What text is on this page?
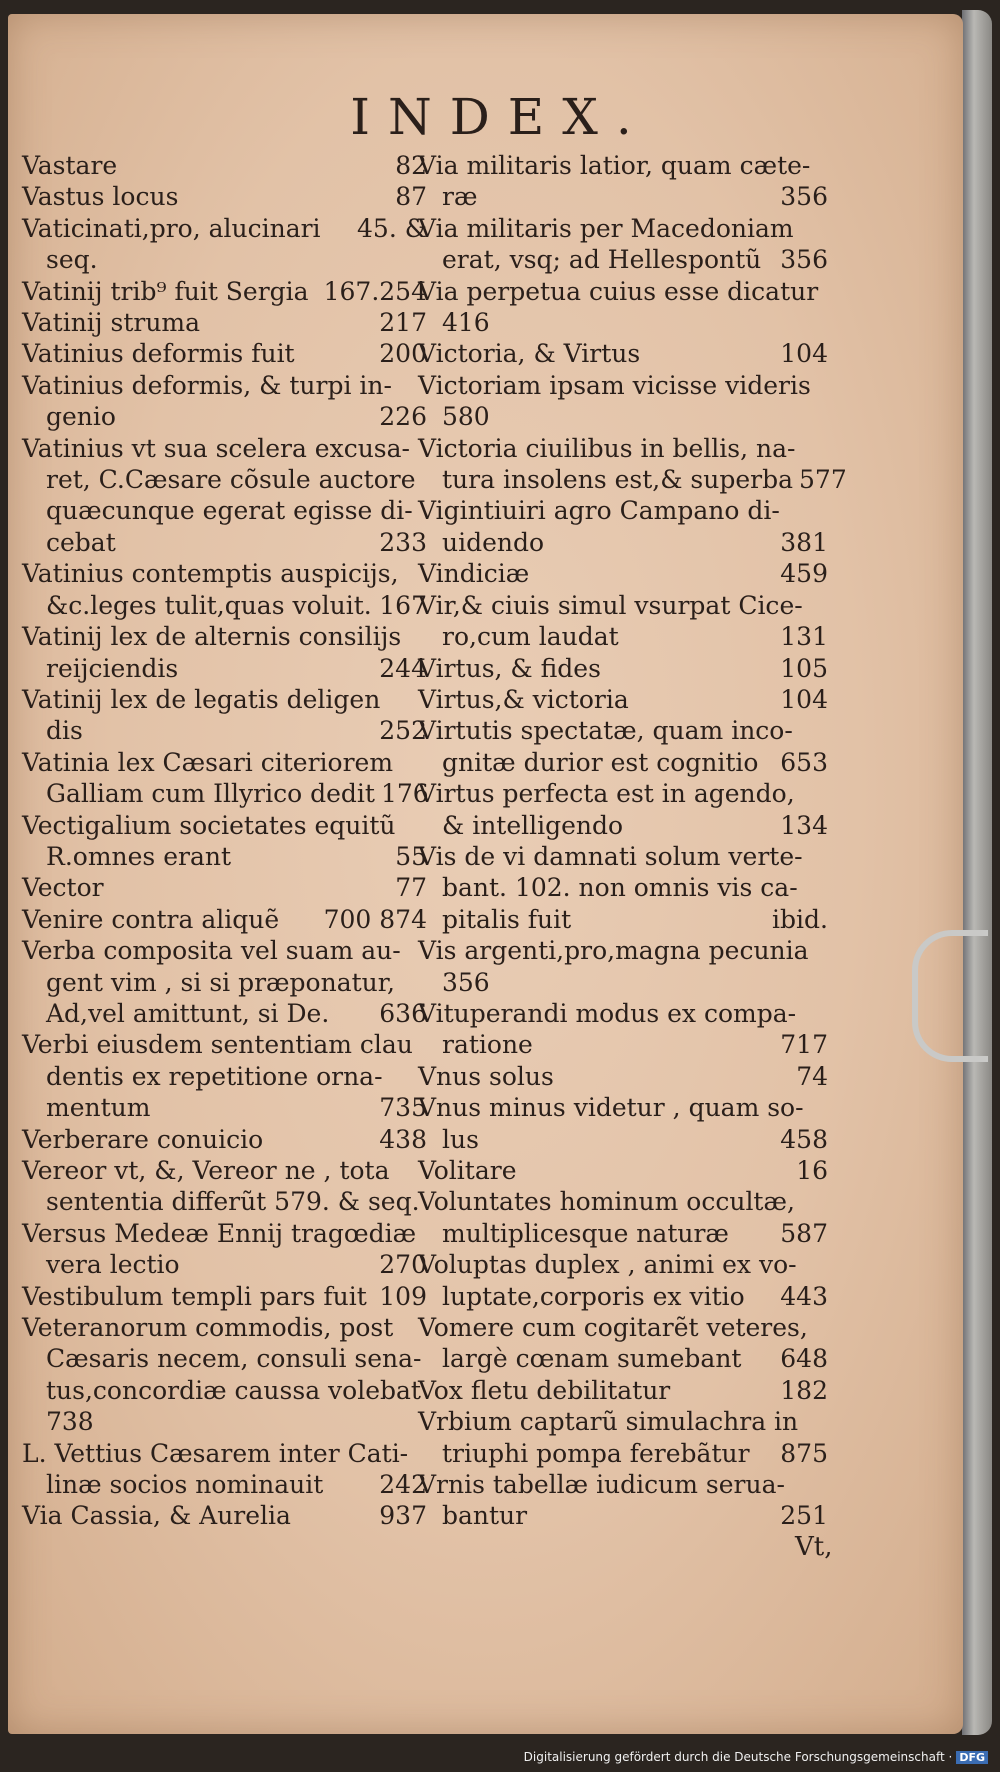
INDEX.
Vastare	82
Vastus locus	87
Vaticinati,pro, alucinari 45. &
seq.
Vatinij trib⁹ fuit Sergia 167.254
Vatinij struma	217
Vatinius deformis fuit	200
Vatinius deformis, & turpi in-
genio	226
Vatinius vt sua scelera excusa-
ret, C.Cæsare cõsule auctore
quæcunque egerat egisse di-
cebat	233
Vatinius contemptis auspicijs,
&c.leges tulit,quas voluit. 167
Vatinij lex de alternis consilijs
reijciendis	244
Vatinij lex de legatis deligen
dis	252
Vatinia lex Cæsari citeriorem
Galliam cum Illyrico dedit 176
Vectigalium societates equitũ
R.omnes erant	55
Vector	77
Venire contra aliquẽ 700 874
Verba composita vel suam au-
gent vim , si si præponatur,
Ad,vel amittunt, si De. 636
Verbi eiusdem sententiam clau
dentis ex repetitione orna-
mentum	735
Verberare conuicio	438
Vereor vt, &, Vereor ne , tota
sententia differũt 579. & seq.
Versus Medeæ Ennij tragœdiæ
vera lectio	270
Vestibulum templi pars fuit 109
Veteranorum commodis, post
Cæsaris necem, consuli sena-
tus,concordiæ caussa volebat
738
L. Vettius Cæsarem inter Cati-
linæ socios nominauit 242
Via Cassia, & Aurelia	937
Via militaris latior, quam cæte-
ræ	356
Via militaris per Macedoniam
erat, vsq; ad Hellespontũ 356
Via perpetua cuius esse dicatur
416
Victoria, & Virtus	104
Victoriam ipsam vicisse videris
580
Victoria ciuilibus in bellis, na-
tura insolens est,& superba 577
Vigintiuiri agro Campano di-
uidendo	381
Vindiciæ	459
Vir,& ciuis simul vsurpat Cice-
ro,cum laudat	131
Virtus, & fides	105
Virtus,& victoria	104
Virtutis spectatæ, quam inco-
gnitæ durior est cognitio 653
Virtus perfecta est in agendo,
& intelligendo	134
Vis de vi damnati solum verte-
bant. 102. non omnis vis ca-
pitalis fuit	ibid.
Vis argenti,pro,magna pecunia
356
Vituperandi modus ex compa-
ratione	717
Vnus solus	74
Vnus minus videtur , quam so-
lus	458
Volitare	16
Voluntates hominum occultæ,
multiplicesque naturæ 587
Voluptas duplex , animi ex vo-
luptate,corporis ex vitio 443
Vomere cum cogitarẽt veteres,
largè cœnam sumebant 648
Vox fletu debilitatur	182
Vrbium captarũ simulachra in
triuphi pompa ferebãtur 875
Vrnis tabellæ iudicum serua-
bantur	251
Vt,
Digitalisierung gefördert durch die Deutsche Forschungsgemeinschaft · DFG
